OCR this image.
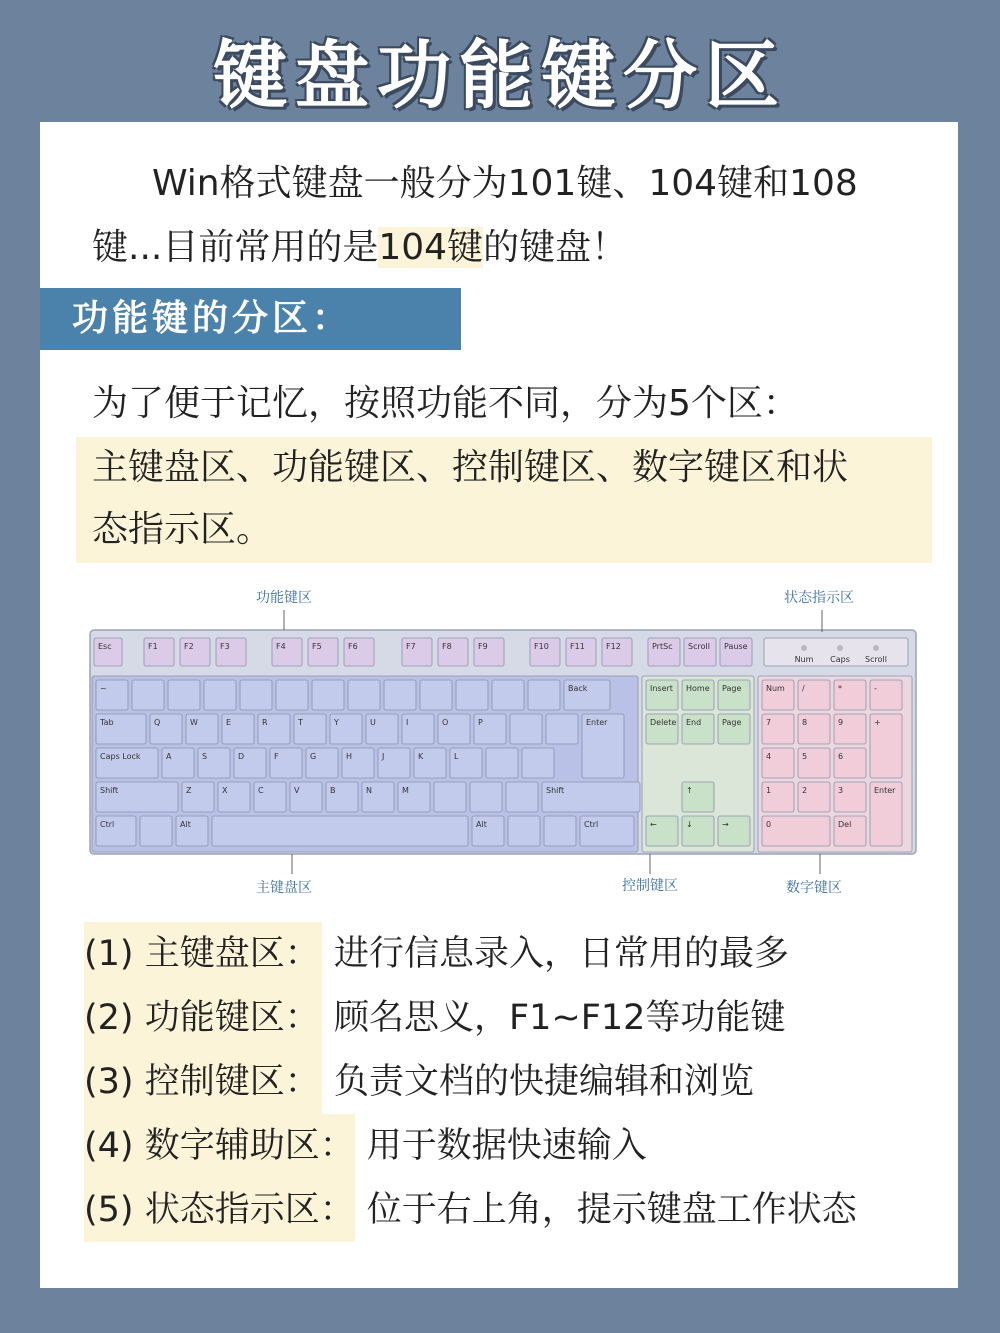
键盘功能键分区
Win格式键盘一般分为101键、104键和108
键...目前常用的是104键的键盘！
功能键的分区：
为了便于记忆，按照功能不同，分为5个区：
主键盘区、功能键区、控制键区、数字键区和状
态指示区。
Esc	F1	F2	F3	F4	F5	F6	F7	F8	F9	F10	F11	F12	PrtSc Scroll Pause
Num Caps Scroll
~	Back
Tab	Q	W	E	R	T	Y	U	I	O	P	Enter
Caps Lock	A	S	D	F	G	H	J	K	L
Shift	Z	X	C	V	B	N	M	Shift
Ctrl	Alt	Alt	Ctrl
Insert Home Page
Delete End	Page
↑
←	↓	→
Num /	*	-
7	8	9	+
4	5	6
1	2	3	Enter
0	Del
功能键区	状态指示区
主键盘区	控制键区	数字键区
(1) 主键盘区： 进行信息录入，日常用的最多
(2) 功能键区： 顾名思义，F1~F12等功能键
(3) 控制键区： 负责文档的快捷编辑和浏览
(4) 数字辅助区： 用于数据快速输入
(5) 状态指示区： 位于右上角，提示键盘工作状态
